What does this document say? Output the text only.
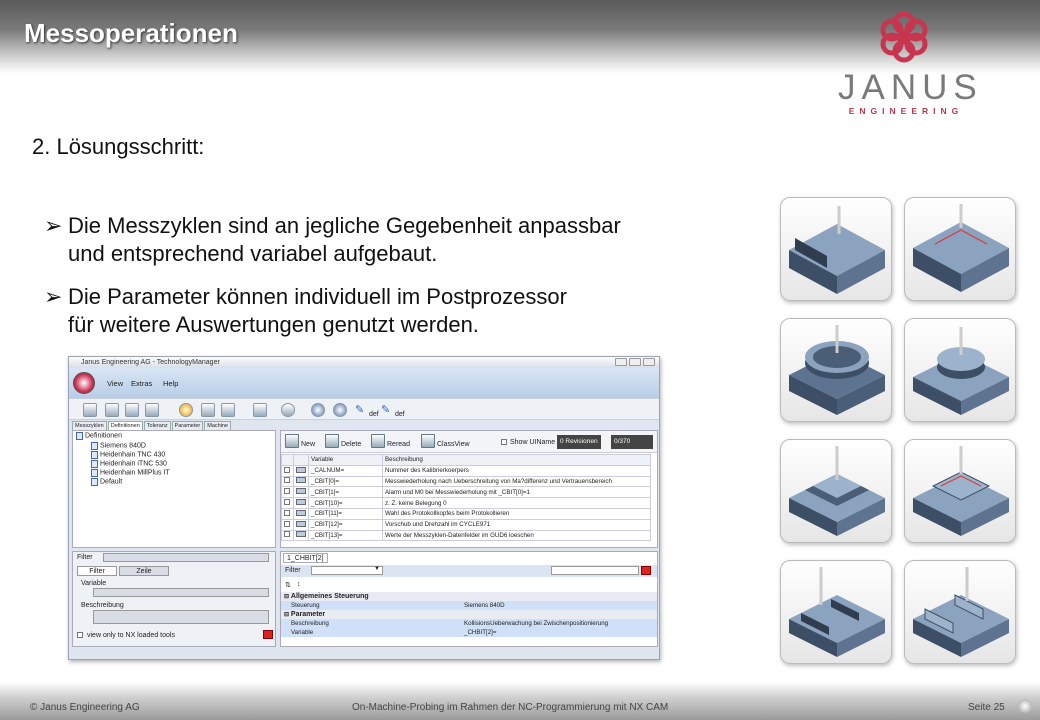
Messoperationen
JANUS
ENGINEERING
2. Lösungsschritt:
➢ Die Messzyklen sind an jegliche Gegebenheit anpassbar
und entsprechend variabel aufgebaut.
➢ Die Parameter können individuell im Postprozessor
für weitere Auswertungen genutzt werden.
Janus Engineering AG - TechnologyManager
View Extras Help
✎ def ✎ def
Messzyklen	Definitionen	Toleranz	Parameter	Machine
Definitionen
Siemens 840D
Heidenhain TNC 430
Heidenhain iTNC 530
Heidenhain MillPlus IT
Default
Filter
Filter	Zeile
Variable
Beschreibung
view only to NX loaded tools
New	Delete	Reread	ClassView	Show UIName 0 Revisionen	0/370
		Variable	Beschreibung
		_CALNUM=	Nummer des Kalibrierkoerpers
		_CBIT[0]=	Messwiederholung nach Ueberschreitung von Ma?differenz und Vertrauensbereich
		_CBIT[1]=	Alarm und M0 bei Messwiederholung mit _CBIT[0]=1
		_CBIT[10]=	z. Z. keine Belegung 0
		_CBIT[11]=	Wahl des Protokollkopfes beim Protokollieren
		_CBIT[12]=	Vorschub und Drehzahl im CYCLE971
		_CBIT[13]=	Werte der Messzyklen-Datenfelder im GUD6 loeschen
1_CHBIT[2]
Filter	▼
⇅ ↕
⊟ Allgemeines Steuerung	
Steuerung	Siemens 840D
⊟ Parameter	
Beschreibung	KollisionsUeberwachung bei Zwischenpositionierung
Variable	_CHBIT[2]=
© Janus Engineering AG	On-Machine-Probing im Rahmen der NC-Programmierung mit NX CAM	Seite 25
